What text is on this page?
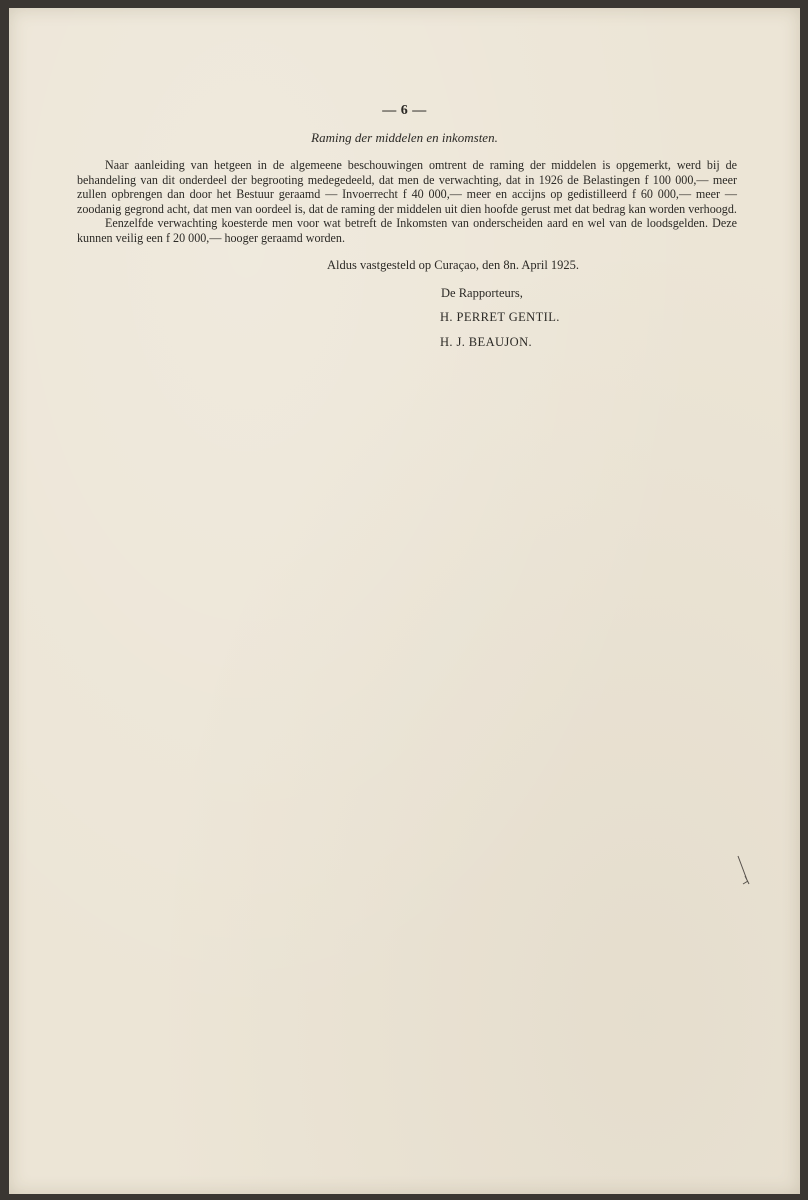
— 6 —
Raming der middelen en inkomsten.

Naar aanleiding van hetgeen in de algemeene beschouwingen omtrent de raming der middelen is opgemerkt, werd bij de behandeling van dit onderdeel der begrooting medegedeeld, dat men de verwachting, dat in 1926 de Belastingen f 100 000,— meer zullen opbrengen dan door het Bestuur geraamd — Invoerrecht f 40 000,— meer en accijns op gedistilleerd f 60 000,— meer — zoodanig gegrond acht, dat men van oordeel is, dat de raming der middelen uit dien hoofde gerust met dat bedrag kan worden verhoogd.

Eenzelfde verwachting koesterde men voor wat betreft de Inkomsten van onderscheiden aard en wel van de loodsgelden. Deze kunnen veilig een f 20 000,— hooger geraamd worden.

Aldus vastgesteld op Curaçao, den 8n. April 1925.
De Rapporteurs,
H. PERRET GENTIL.
H. J. BEAUJON.
